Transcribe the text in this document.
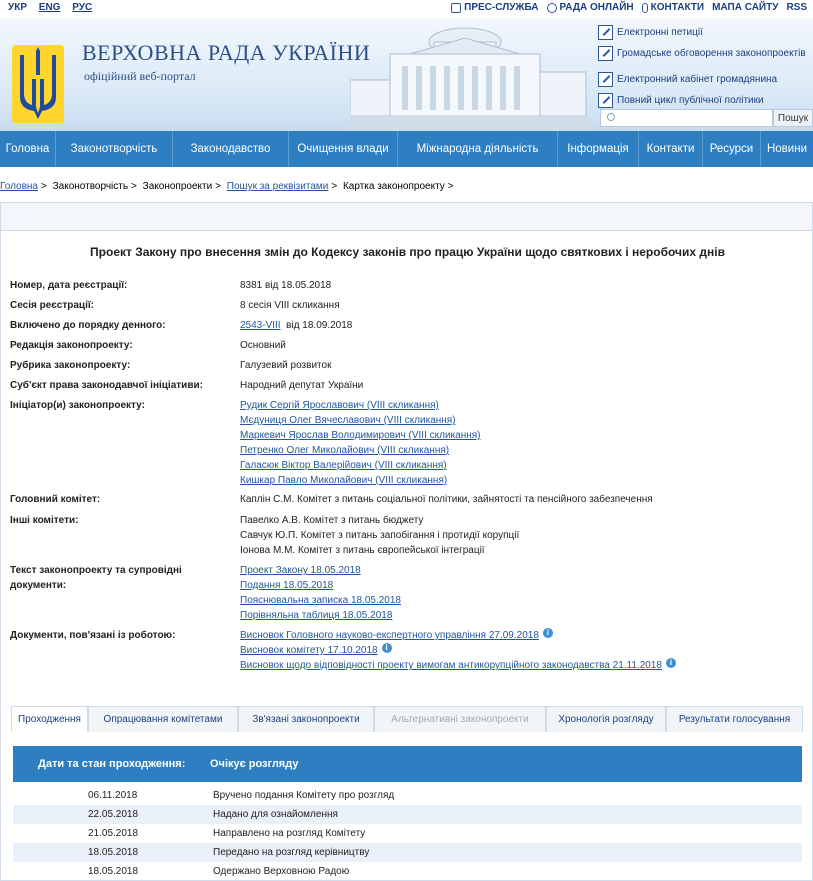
УКР ENG РУС	ПРЕС-СЛУЖБА РАДА ОНЛАЙН КОНТАКТИ МАПА САЙТУ RSS
ВЕРХОВНА РАДА УКРАЇНИ
офіційний веб-портал
Електронні петиції
Громадське обговорення законопроектів
Електронний кабінет громадянина
Повний цикл публічної політики
Пошук
Головна	Законотворчість	Законодавство	Очищення влади	Міжнародна діяльність	Інформація	Контакти	Ресурси	Новини
Головна > Законотворчість > Законопроекти > Пошук за реквізитами > Картка законопроекту >
Проект Закону про внесення змін до Кодексу законів про працю України щодо святкових і неробочих днів
Номер, дата реєстрації:	8381 від 18.05.2018
Сесія реєстрації:	8 сесія VIII скликання
Включено до порядку денного:	2543-VIII від 18.09.2018
Редакція законопроекту:	Основний
Рубрика законопроекту:	Галузевий розвиток
Суб'єкт права законодавчої ініціативи:	Народний депутат України
Ініціатор(и) законопроекту:	Рудик Сергій Ярославович (VIII скликання)
Мєдуниця Олег Вячеславович (VIII скликання)
Маркевич Ярослав Володимирович (VIII скликання)
Петренко Олег Миколайович (VIII скликання)
Галасюк Віктор Валерійович (VIII скликання)
Кишкар Павло Миколайович (VIII скликання)
Головний комітет:	Каплін С.М. Комітет з питань соціальної політики, зайнятості та пенсійного забезпечення
Інші комітети:	Павелко А.В. Комітет з питань бюджету
Савчук Ю.П. Комітет з питань запобігання і протидії корупції
Іонова М.М. Комітет з питань європейської інтеграції
Текст законопроекту та супровідні документи:
Проект Закону 18.05.2018
Подання 18.05.2018
Пояснювальна записка 18.05.2018
Порівняльна таблиця 18.05.2018
Документи, пов'язані із роботою:	Висновок Головного науково-експертного управління 27.09.2018 i
Висновок комітету 17.10.2018 i
Висновок щодо відповідності проекту вимогам антикорупційного законодавства 21.11.2018 i
Проходження	Опрацювання комітетами	Зв'язані законопроекти	Альтернативні законопроекти	Хронологія розгляду	Результати голосування
Дати та стан проходження: Очікує розгляду
06.11.2018	Вручено подання Комітету про розгляд
22.05.2018	Надано для ознайомлення
21.05.2018	Направлено на розгляд Комітету
18.05.2018	Передано на розгляд керівництву
18.05.2018	Одержано Верховною Радою
